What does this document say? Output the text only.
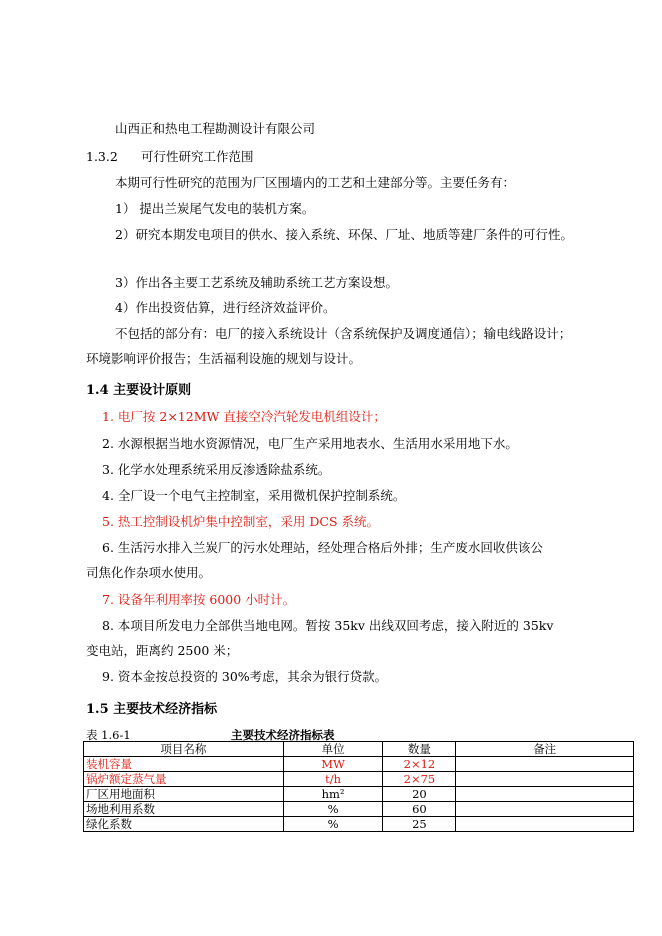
山西正和热电工程勘测设计有限公司
1.3.2 可行性研究工作范围
本期可行性研究的范围为厂区围墙内的工艺和土建部分等。主要任务有：
1） 提出兰炭尾气发电的装机方案。
2）研究本期发电项目的供水、接入系统、环保、厂址、地质等建厂条件的可行性。
3）作出各主要工艺系统及辅助系统工艺方案设想。
4）作出投资估算，进行经济效益评价。
不包括的部分有：电厂的接入系统设计（含系统保护及调度通信）；输电线路设计；
环境影响评价报告；生活福利设施的规划与设计。
1.4 主要设计原则
1. 电厂按 2×12MW 直接空冷汽轮发电机组设计；
2. 水源根据当地水资源情况，电厂生产采用地表水、生活用水采用地下水。
3. 化学水处理系统采用反渗透除盐系统。
4. 全厂设一个电气主控制室，采用微机保护控制系统。
5. 热工控制设机炉集中控制室，采用 DCS 系统。
6. 生活污水排入兰炭厂的污水处理站，经处理合格后外排；生产废水回收供该公
司焦化作杂项水使用。
7. 设备年利用率按 6000 小时计。
8. 本项目所发电力全部供当地电网。暂按 35kv 出线双回考虑，接入附近的 35kv
变电站，距离约 2500 米；
9. 资本金按总投资的 30%考虑，其余为银行贷款。
1.5 主要技术经济指标
表 1.6-1	主要技术经济指标表
项目名称	单位	数量	备注
装机容量	MW	2×12	
锅炉额定蒸气量	t/h	2×75	
厂区用地面积	hm²	20	
场地利用系数	%	60	
绿化系数	%	25	
